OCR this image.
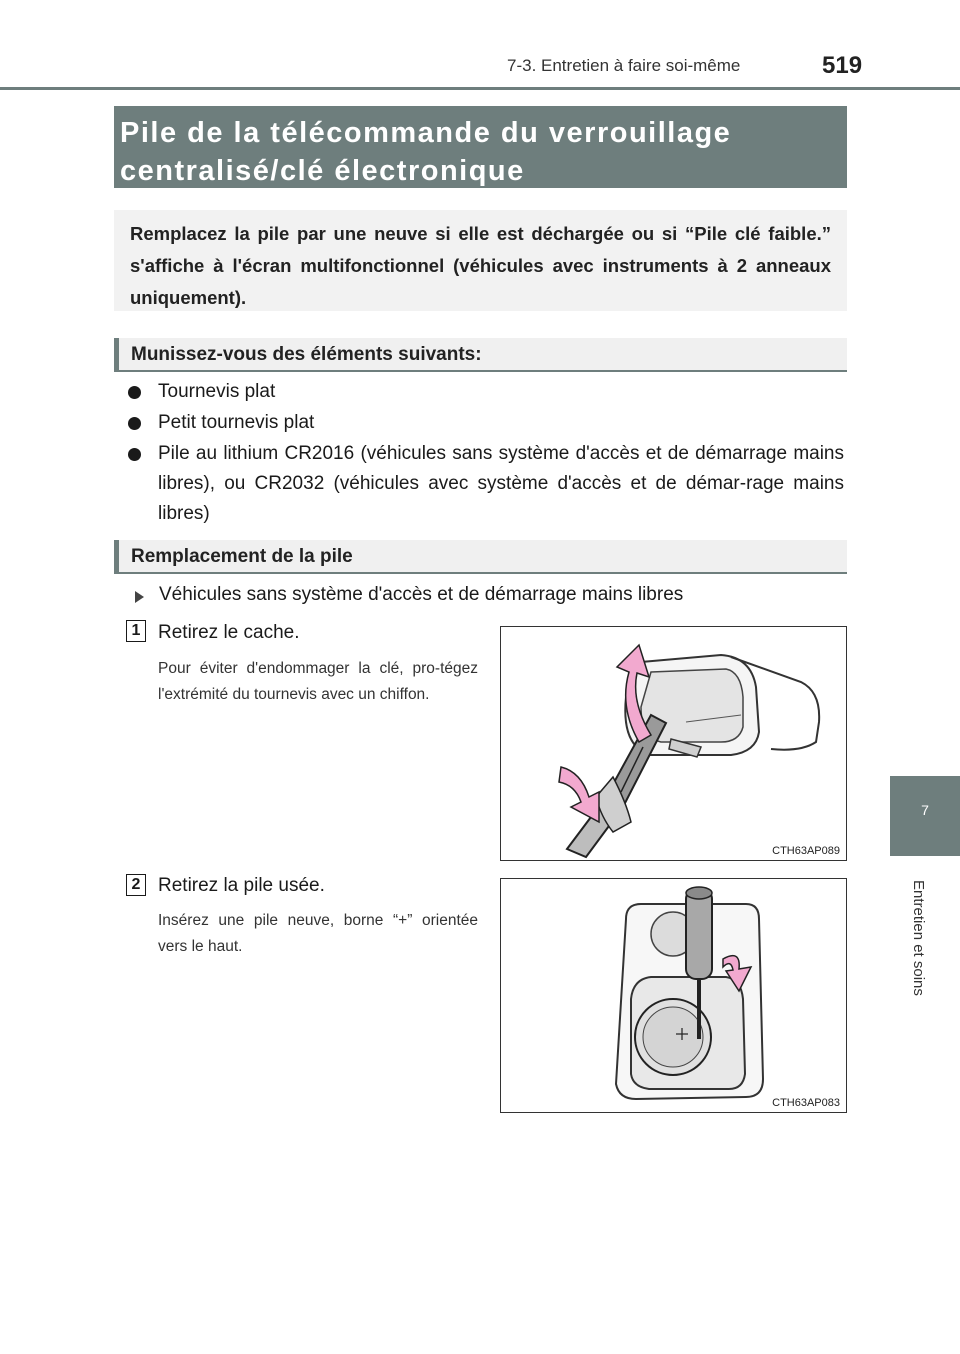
7-3. Entretien à faire soi-même	519
7
Entretien et soins
Pile de la télécommande du verrouillage
centralisé/clé électronique
Remplacez la pile par une neuve si elle est déchargée ou si “Pile clé faible.” s'affiche à l'écran multifonctionnel (véhicules avec instruments à 2 anneaux uniquement).
Munissez-vous des éléments suivants:
Tournevis plat
Petit tournevis plat
Pile au lithium CR2016 (véhicules sans système d'accès et de démarrage mains libres), ou CR2032 (véhicules avec système d'accès et de démar-rage mains libres)
Remplacement de la pile
Véhicules sans système d'accès et de démarrage mains libres
1 Retirez le cache.
Pour éviter d'endommager la clé, pro-tégez l'extrémité du tournevis avec un chiffon.
CTH63AP089
2 Retirez la pile usée.
Insérez une pile neuve, borne “+” orientée vers le haut.
CTH63AP083
